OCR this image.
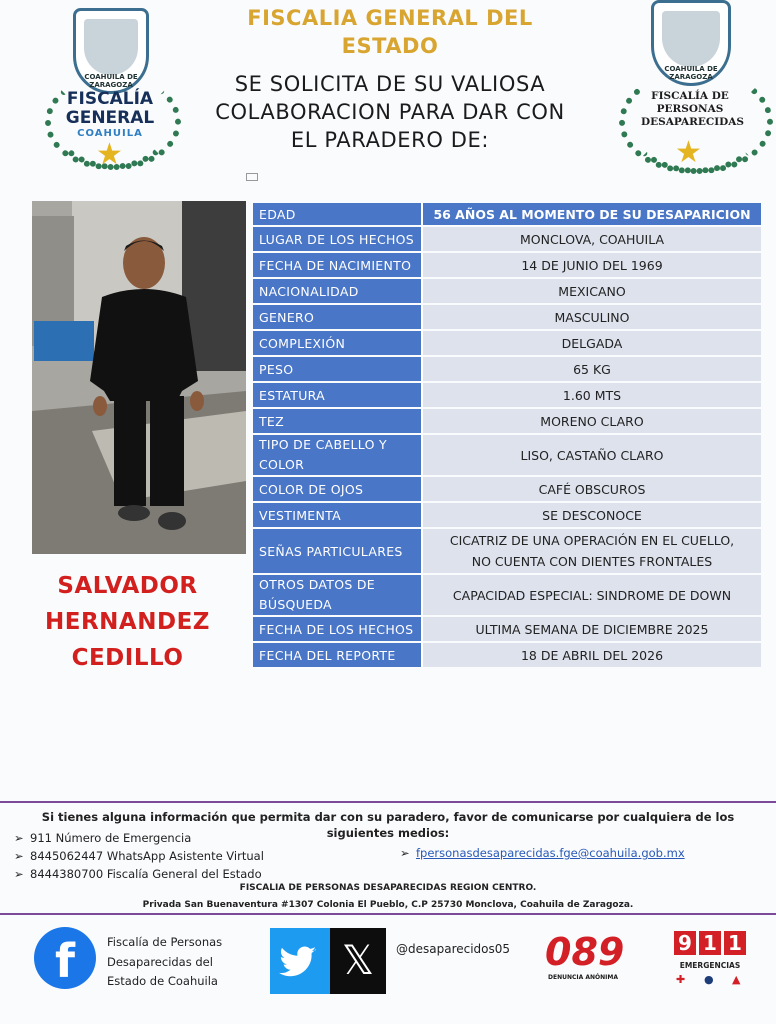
FISCALIA GENERAL DEL
ESTADO
SE SOLICITA DE SU VALIOSA
COLABORACION PARA DAR CON
EL PARADERO DE:
COAHUILA DE ZARAGOZA
FISCALÍA
GENERAL
COAHUILA
★
COAHUILA DE ZARAGOZA
FISCALÍA DE
PERSONAS
DESAPARECIDAS
★
SALVADOR
HERNANDEZ
CEDILLO
EDAD	56 AÑOS AL MOMENTO DE SU DESAPARICION
LUGAR DE LOS HECHOS	MONCLOVA, COAHUILA
FECHA DE NACIMIENTO	14 DE JUNIO DEL 1969
NACIONALIDAD	MEXICANO
GENERO	MASCULINO
COMPLEXIÓN	DELGADA
PESO	65 KG
ESTATURA	1.60 MTS
TEZ	MORENO CLARO
TIPO DE CABELLO Y COLOR	LISO, CASTAÑO CLARO
COLOR DE OJOS	CAFÉ OBSCUROS
VESTIMENTA	SE DESCONOCE
SEÑAS PARTICULARES	CICATRIZ DE UNA OPERACIÓN EN EL CUELLO, NO CUENTA CON DIENTES FRONTALES
OTROS DATOS DE BÚSQUEDA	CAPACIDAD ESPECIAL: SINDROME DE DOWN
FECHA DE LOS HECHOS	ULTIMA SEMANA DE DICIEMBRE 2025
FECHA DEL REPORTE	18 DE ABRIL DEL 2026
Si tienes alguna información que permita dar con su paradero, favor de comunicarse por cualquiera de los siguientes medios:
➢ 911 Número de Emergencia
➢ 8445062447 WhatsApp Asistente Virtual
➢ 8444380700 Fiscalía General del Estado
➢ fpersonasdesaparecidas.fge@coahuila.gob.mx
FISCALIA DE PERSONAS DESAPARECIDAS REGION CENTRO.
Privada San Buenaventura #1307 Colonia El Pueblo, C.P 25730 Monclova, Coahuila de Zaragoza.
f	Fiscalía de Personas
Desaparecidas del
Estado de Coahuila	𝕏	@desaparecidos05 089
DENUNCIA ANÓNIMA
9 1 1
EMERGENCIAS
✚ ● ▲
